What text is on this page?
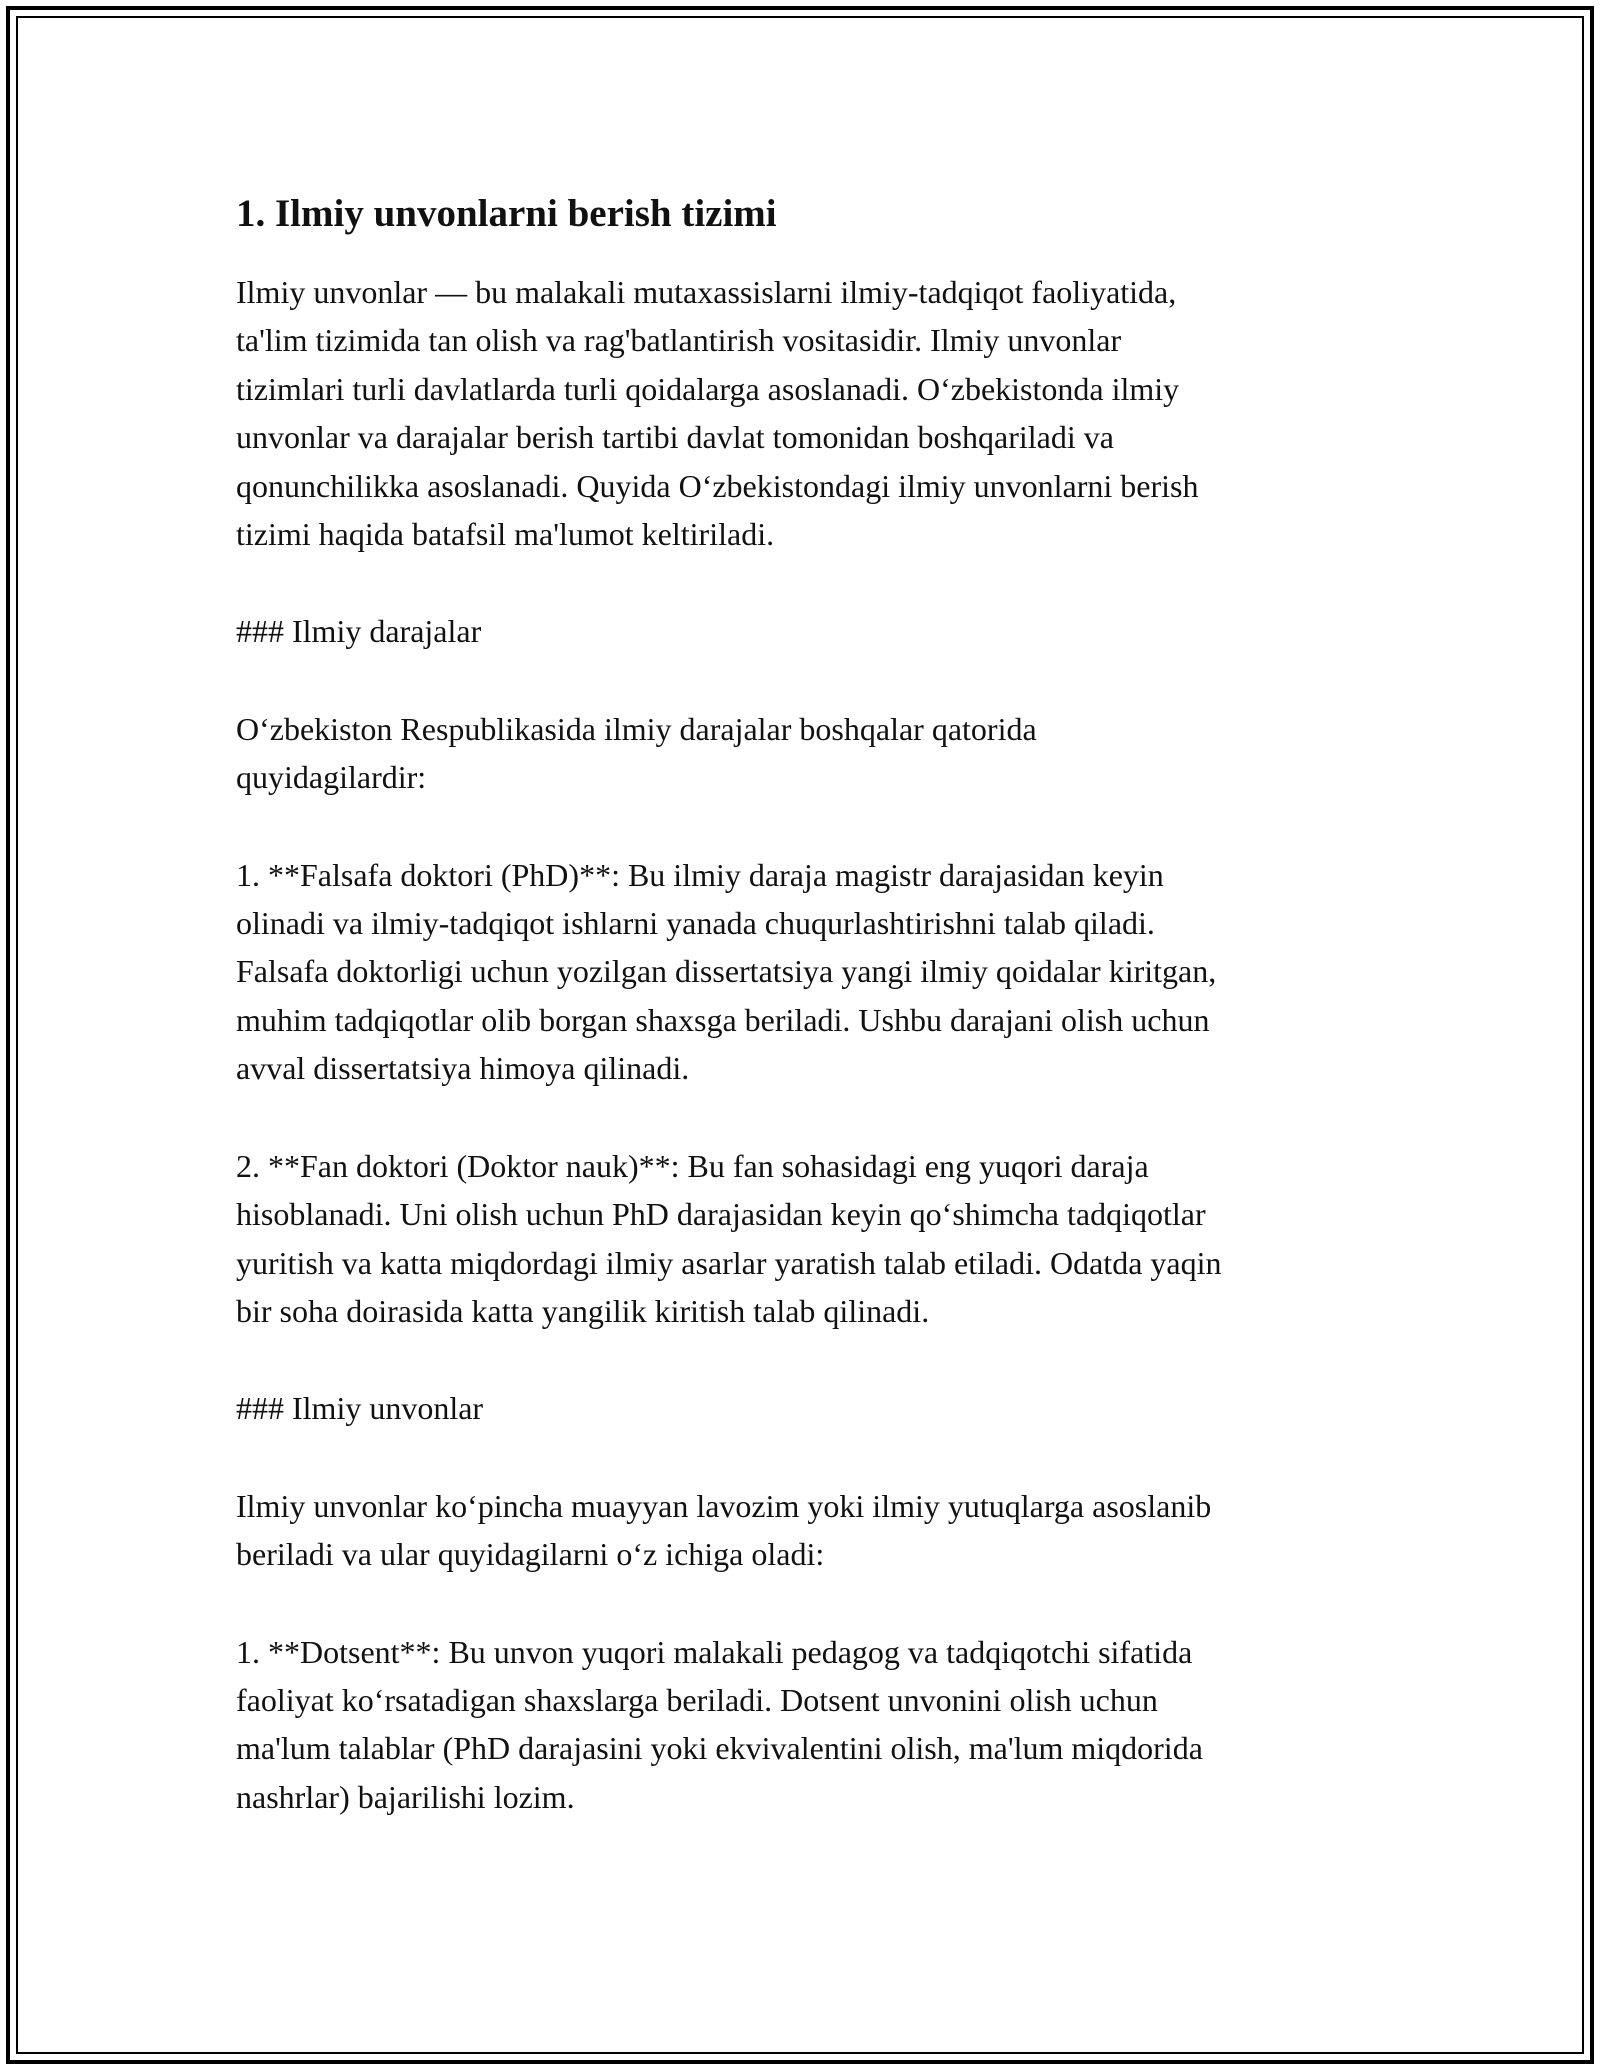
1. Ilmiy unvonlarni berish tizimi

Ilmiy unvonlar — bu malakali mutaxassislarni ilmiy-tadqiqot faoliyatida,
ta'lim tizimida tan olish va rag'batlantirish vositasidir. Ilmiy unvonlar
tizimlari turli davlatlarda turli qoidalarga asoslanadi. Oʻzbekistonda ilmiy
unvonlar va darajalar berish tartibi davlat tomonidan boshqariladi va
qonunchilikka asoslanadi. Quyida Oʻzbekistondagi ilmiy unvonlarni berish
tizimi haqida batafsil ma'lumot keltiriladi.

### Ilmiy darajalar

Oʻzbekiston Respublikasida ilmiy darajalar boshqalar qatorida
quyidagilardir:

1. **Falsafa doktori (PhD)**: Bu ilmiy daraja magistr darajasidan keyin
olinadi va ilmiy-tadqiqot ishlarni yanada chuqurlashtirishni talab qiladi.
Falsafa doktorligi uchun yozilgan dissertatsiya yangi ilmiy qoidalar kiritgan,
muhim tadqiqotlar olib borgan shaxsga beriladi. Ushbu darajani olish uchun
avval dissertatsiya himoya qilinadi.

2. **Fan doktori (Doktor nauk)**: Bu fan sohasidagi eng yuqori daraja
hisoblanadi. Uni olish uchun PhD darajasidan keyin qoʻshimcha tadqiqotlar
yuritish va katta miqdordagi ilmiy asarlar yaratish talab etiladi. Odatda yaqin
bir soha doirasida katta yangilik kiritish talab qilinadi.

### Ilmiy unvonlar

Ilmiy unvonlar koʻpincha muayyan lavozim yoki ilmiy yutuqlarga asoslanib
beriladi va ular quyidagilarni oʻz ichiga oladi:

1. **Dotsent**: Bu unvon yuqori malakali pedagog va tadqiqotchi sifatida
faoliyat koʻrsatadigan shaxslarga beriladi. Dotsent unvonini olish uchun
ma'lum talablar (PhD darajasini yoki ekvivalentini olish, ma'lum miqdorida
nashrlar) bajarilishi lozim.
